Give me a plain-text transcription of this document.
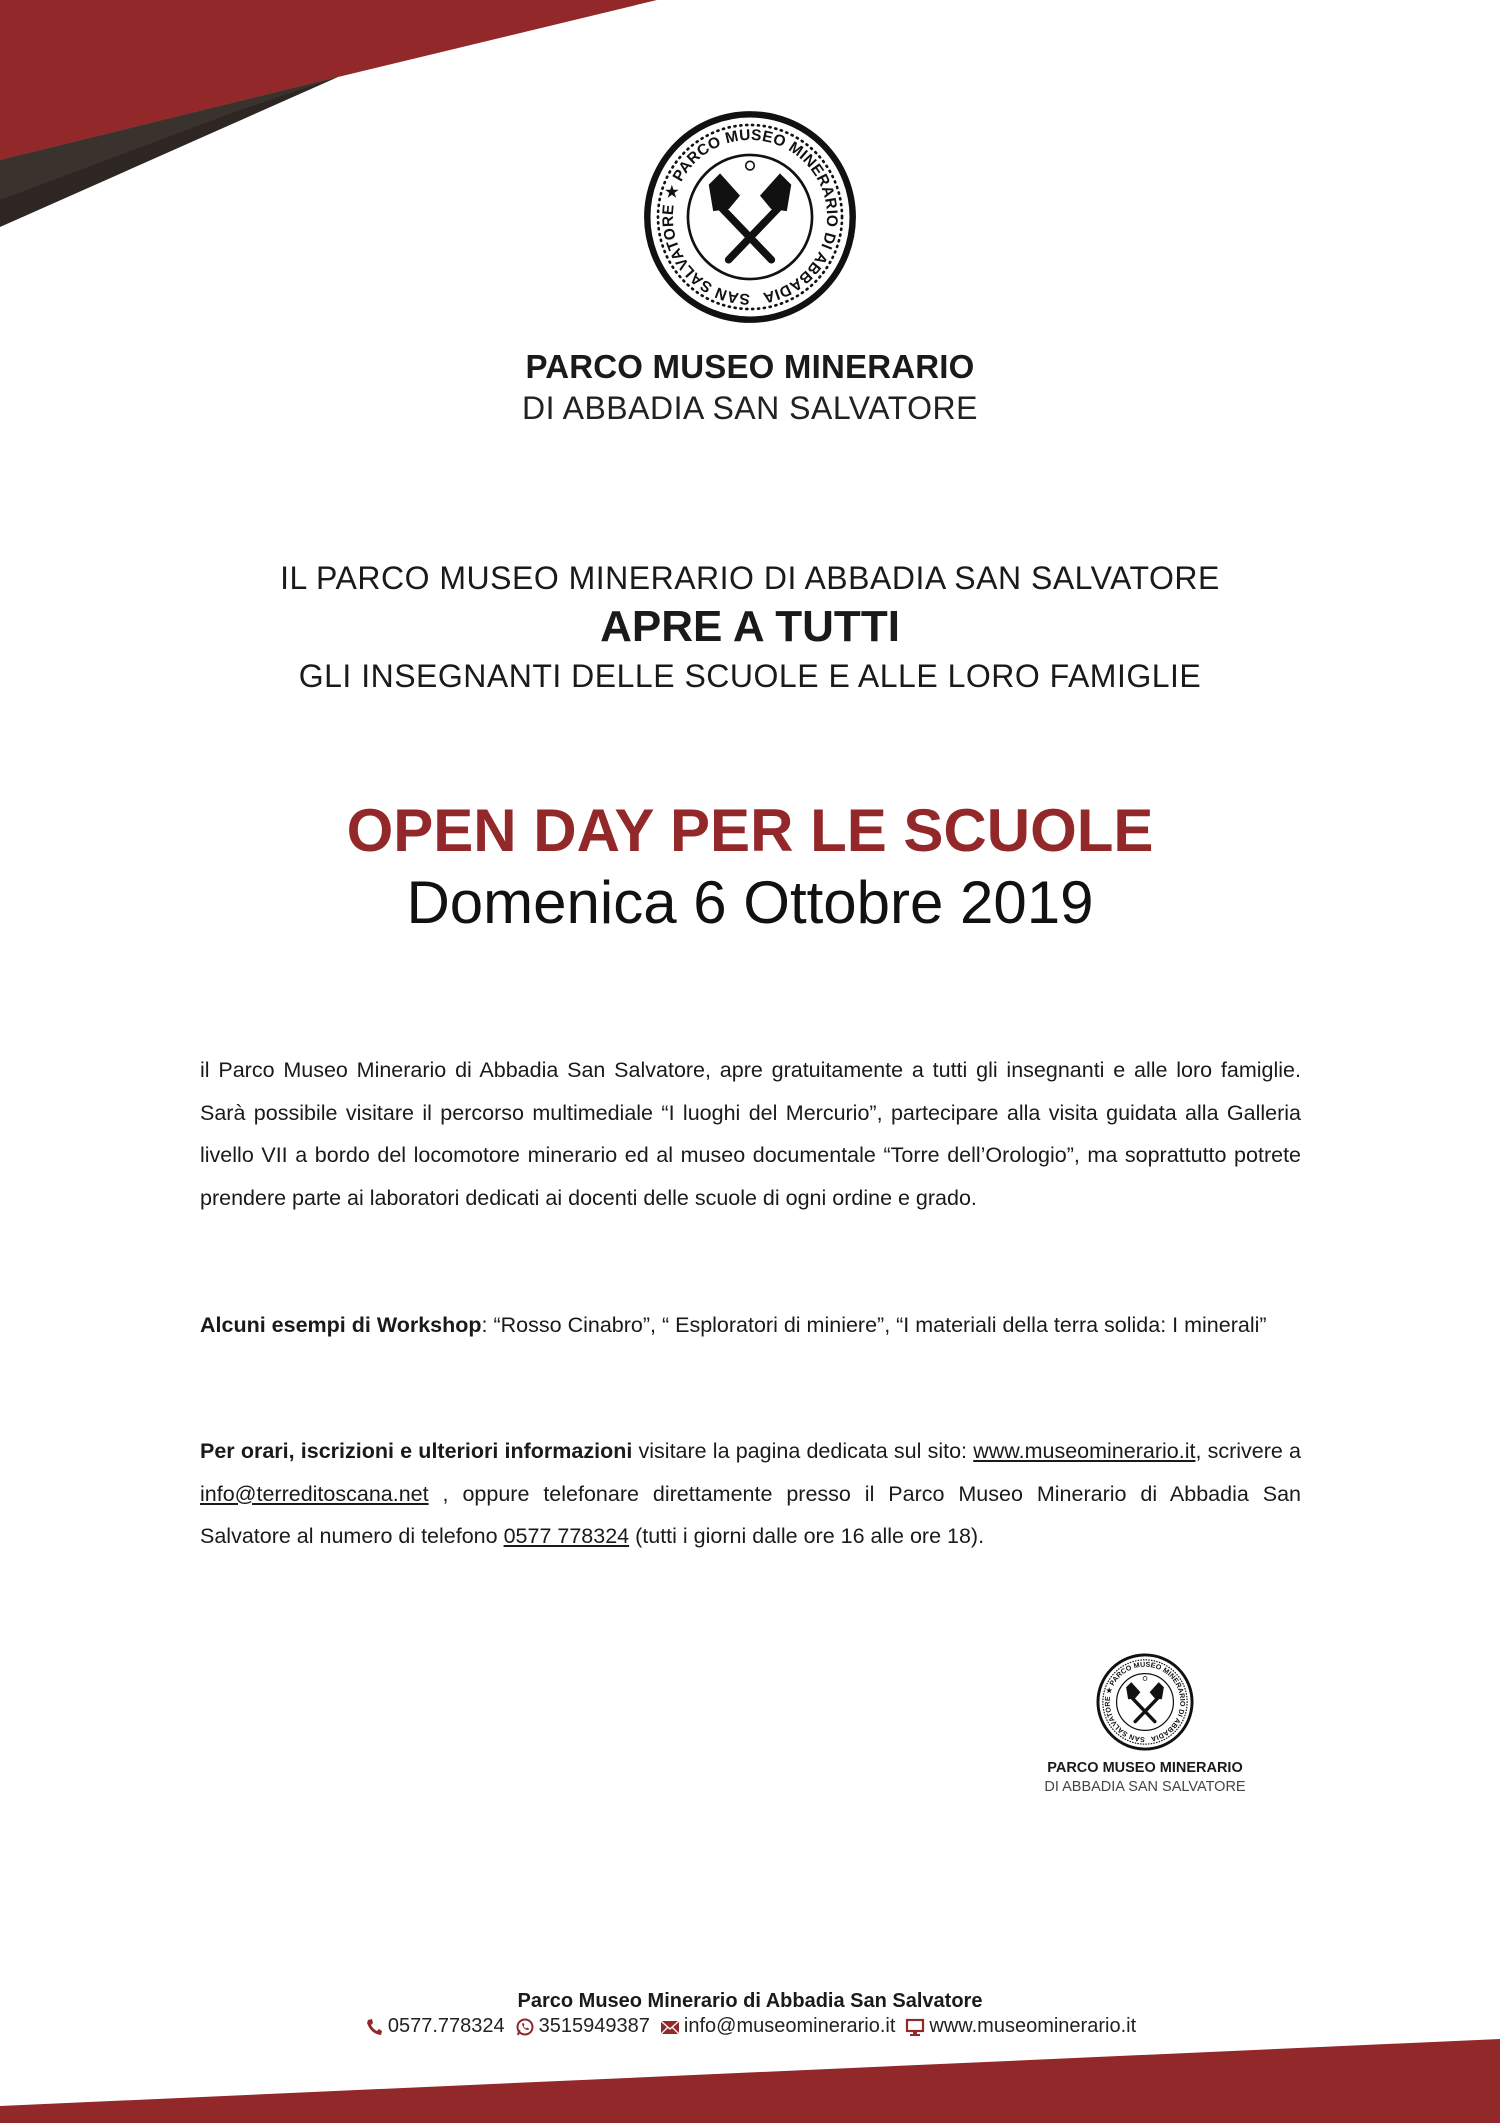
PARCO MUSEO MINERARIO
DI ABBADIA SAN SALVATORE
IL PARCO MUSEO MINERARIO DI ABBADIA SAN SALVATORE
APRE A TUTTI
GLI INSEGNANTI DELLE SCUOLE E ALLE LORO FAMIGLIE
OPEN DAY PER LE SCUOLE
Domenica 6 Ottobre 2019

il Parco Museo Minerario di Abbadia San Salvatore, apre gratuitamente a tutti gli insegnanti e alle loro famiglie. Sarà possibile visitare il percorso multimediale “I luoghi del Mercurio”, partecipare alla visita guidata alla Galleria livello VII a bordo del locomotore minerario ed al museo documentale “Torre dell’Orologio”, ma soprattutto potrete prendere parte ai laboratori dedicati ai docenti delle scuole di ogni ordine e grado.

Alcuni esempi di Workshop: “Rosso Cinabro”, “ Esploratori di miniere”, “I materiali della terra solida: I minerali”

Per orari, iscrizioni e ulteriori informazioni visitare la pagina dedicata sul sito: www.museominerario.it, scrivere a info@terreditoscana.net , oppure telefonare direttamente presso il Parco Museo Minerario di Abbadia San Salvatore al numero di telefono 0577 778324 (tutti i giorni dalle ore 16 alle ore 18).

PARCO MUSEO MINERARIO
DI ABBADIA SAN SALVATORE
Parco Museo Minerario di Abbadia San Salvatore
0577.778324 3515949387 info@museominerario.it www.museominerario.it
